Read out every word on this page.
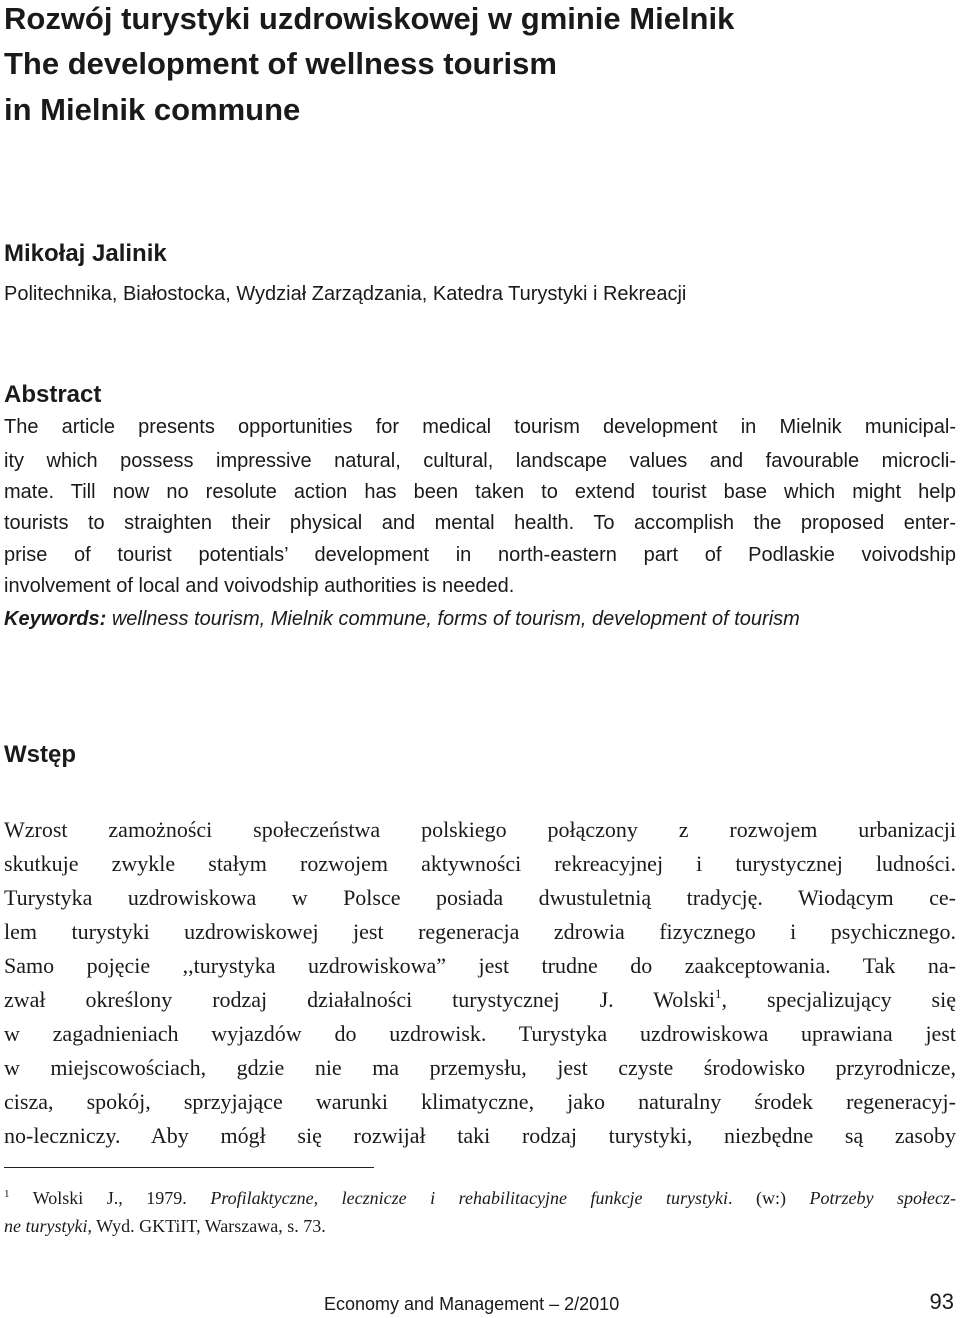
Rozwój turystyki uzdrowiskowej w gminie Mielnik
The development of wellness tourism
in Mielnik commune
Mikołaj Jalinik
Politechnika, Białostocka, Wydział Zarządzania, Katedra Turystyki i Rekreacji
Abstract
The article presents opportunities for medical tourism development in Mielnik municipal-
ity which possess impressive natural, cultural, landscape values and favourable microcli-
mate. Till now no resolute action has been taken to extend tourist base which might help
tourists to straighten their physical and mental health. To accomplish the proposed enter-
prise of tourist potentials’ development in north-eastern part of Podlaskie voivodship
involvement of local and voivodship authorities is needed.
Keywords: wellness tourism, Mielnik commune, forms of tourism, development of tourism
Wstęp
Wzrost zamożności społeczeństwa polskiego połączony z rozwojem urbanizacji
skutkuje zwykle stałym rozwojem aktywności rekreacyjnej i turystycznej ludności.
Turystyka uzdrowiskowa w Polsce posiada dwustuletnią tradycję. Wiodącym ce-
lem turystyki uzdrowiskowej jest regeneracja zdrowia fizycznego i psychicznego.
Samo pojęcie ,,turystyka uzdrowiskowa” jest trudne do zaakceptowania. Tak na-
zwał określony rodzaj działalności turystycznej J. Wolski$^1$, specjalizujący się
w zagadnieniach wyjazdów do uzdrowisk. Turystyka uzdrowiskowa uprawiana jest
w miejscowościach, gdzie nie ma przemysłu, jest czyste środowisko przyrodnicze,
cisza, spokój, sprzyjające warunki klimatyczne, jako naturalny środek regeneracyj-
no-leczniczy. Aby mógł się rozwijał taki rodzaj turystyki, niezbędne są zasoby
$^1$ Wolski J., 1979. Profilaktyczne, lecznicze i rehabilitacyjne funkcje turystyki. (w:) Potrzeby społecz-
ne turystyki, Wyd. GKTiIT, Warszawa, s. 73.
Economy and Management – 2/2010	93
